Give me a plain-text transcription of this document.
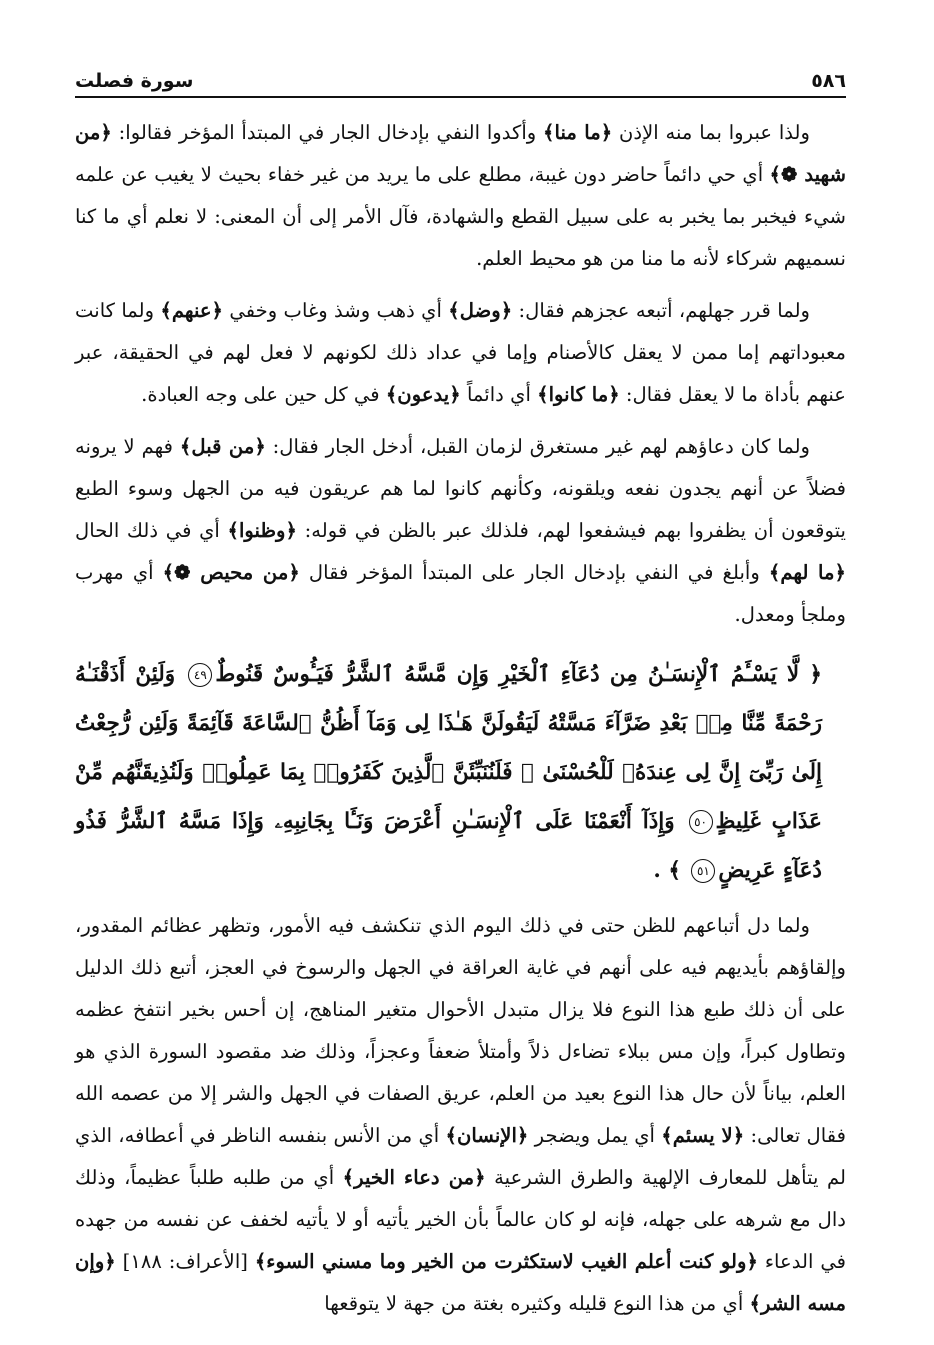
٥٨٦
سورة فصلت

ولذا عبروا بما منه الإذن ﴿ما منا﴾ وأكدوا النفي بإدخال الجار في المبتدأ المؤخر فقالوا: ﴿من شهيد ❁﴾ أي حي دائماً حاضر دون غيبة، مطلع على ما يريد من غير خفاء بحيث لا يغيب عن علمه شيء فيخبر بما يخبر به على سبيل القطع والشهادة، فآل الأمر إلى أن المعنى: لا نعلم أي ما كنا نسميهم شركاء لأنه ما منا من هو محيط العلم.

ولما قرر جهلهم، أتبعه عجزهم فقال: ﴿وضل﴾ أي ذهب وشذ وغاب وخفي ﴿عنهم﴾ ولما كانت معبوداتهم إما ممن لا يعقل كالأصنام وإما في عداد ذلك لكونهم لا فعل لهم في الحقيقة، عبر عنهم بأداة ما لا يعقل فقال: ﴿ما كانوا﴾ أي دائماً ﴿يدعون﴾ في كل حين على وجه العبادة.

ولما كان دعاؤهم لهم غير مستغرق لزمان القبل، أدخل الجار فقال: ﴿من قبل﴾ فهم لا يرونه فضلاً عن أنهم يجدون نفعه ويلقونه، وكأنهم كانوا لما هم عريقون فيه من الجهل وسوء الطبع يتوقعون أن يظفروا بهم فيشفعوا لهم، فلذلك عبر بالظن في قوله: ﴿وظنوا﴾ أي في ذلك الحال ﴿ما لهم﴾ وأبلغ في النفي بإدخال الجار على المبتدأ المؤخر فقال ﴿من محيص ❁﴾ أي مهرب وملجأ ومعدل.

﴿ لَّا يَسْـَٔمُ ٱلْإِنسَـٰنُ مِن دُعَآءِ ٱلْخَيْرِ وَإِن مَّسَّهُ ٱلشَّرُّ فَيَـُٔوسٌ قَنُوطٌ٤٩ وَلَئِنْ أَذَقْنَـٰهُ رَحْمَةً مِّنَّا مِنۢ بَعْدِ ضَرَّآءَ مَسَّتْهُ لَيَقُولَنَّ هَـٰذَا لِى وَمَآ أَظُنُّ ٱلسَّاعَةَ قَآئِمَةً وَلَئِن رُّجِعْتُ إِلَىٰ رَبِّىٓ إِنَّ لِى عِندَهُۥ لَلْحُسْنَىٰ ۚ فَلَنُنَبِّئَنَّ ٱلَّذِينَ كَفَرُوا۟ بِمَا عَمِلُوا۟ وَلَنُذِيقَنَّهُم مِّنْ عَذَابٍ غَلِيظٍ٥٠ وَإِذَآ أَنْعَمْنَا عَلَى ٱلْإِنسَـٰنِ أَعْرَضَ وَنَـَٔا بِجَانِبِهِۦ وَإِذَا مَسَّهُ ٱلشَّرُّ فَذُو دُعَآءٍ عَرِيضٍ٥١ ﴾ .

ولما دل أتباعهم للظن حتى في ذلك اليوم الذي تنكشف فيه الأمور، وتظهر عظائم المقدور، وإلقاؤهم بأيديهم فيه على أنهم في غاية العراقة في الجهل والرسوخ في العجز، أتبع ذلك الدليل على أن ذلك طبع هذا النوع فلا يزال متبدل الأحوال متغير المناهج، إن أحس بخير انتفخ عظمه وتطاول كبراً، وإن مس ببلاء تضاءل ذلاً وأمتلأ ضعفاً وعجزاً، وذلك ضد مقصود السورة الذي هو العلم، بياناً لأن حال هذا النوع بعيد من العلم، عريق الصفات في الجهل والشر إلا من عصمه الله فقال تعالى: ﴿لا يسئم﴾ أي يمل ويضجر ﴿الإنسان﴾ أي من الأنس بنفسه الناظر في أعطافه، الذي لم يتأهل للمعارف الإلهية والطرق الشرعية ﴿من دعاء الخير﴾ أي من طلبه طلباً عظيماً، وذلك دال مع شرهه على جهله، فإنه لو كان عالماً بأن الخير يأتيه أو لا يأتيه لخفف عن نفسه من جهده في الدعاء ﴿ولو كنت أعلم الغيب لاستكثرت من الخير وما مسني السوء﴾ [الأعراف: ١٨٨] ﴿وإن مسه الشر﴾ أي من هذا النوع قليله وكثيره بغتة من جهة لا يتوقعها
